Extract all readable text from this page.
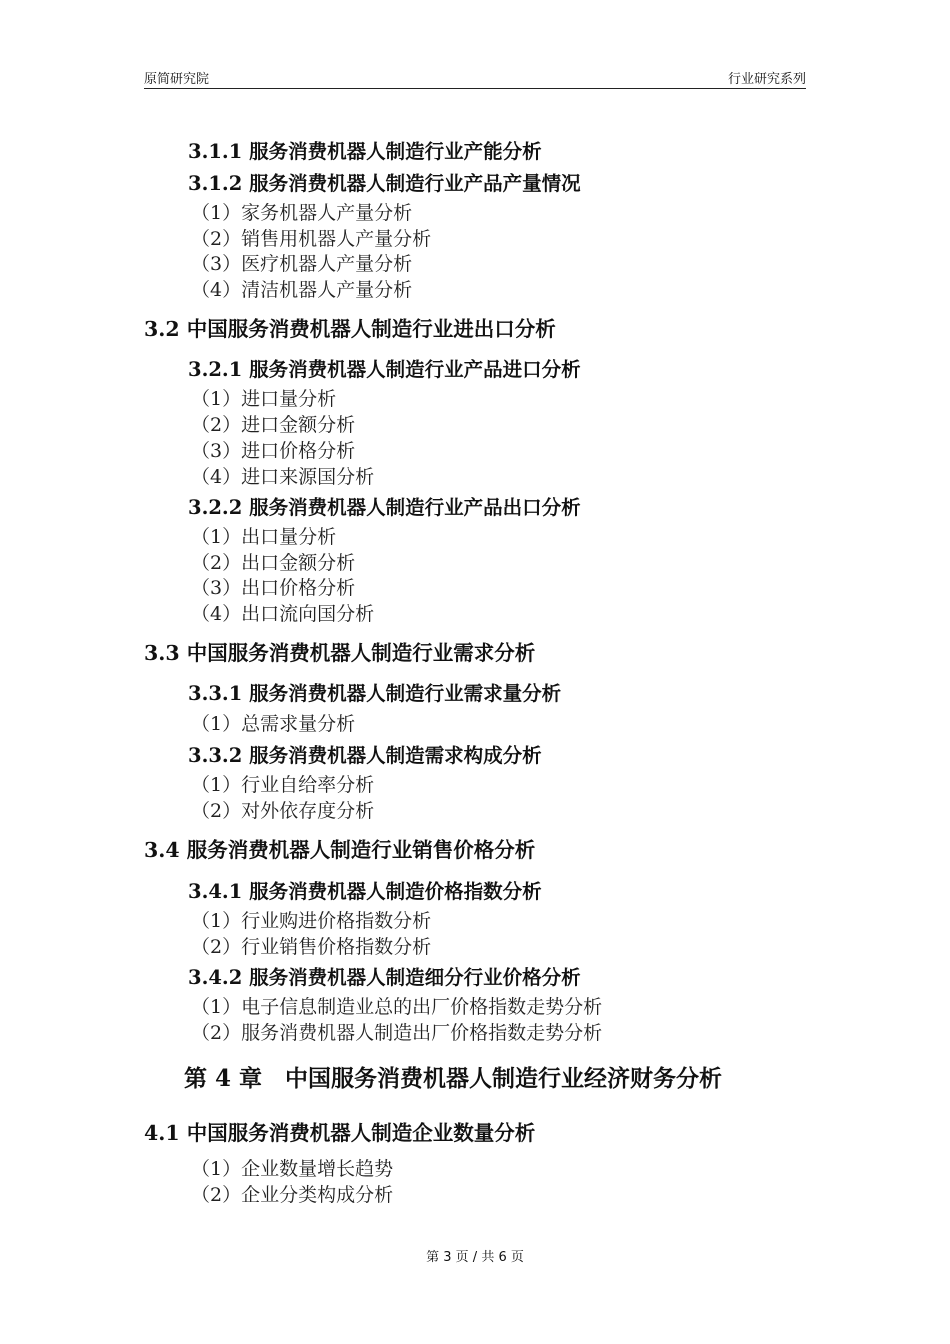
原简研究院	行业研究系列
3.1.1 服务消费机器人制造行业产能分析
3.1.2 服务消费机器人制造行业产品产量情况
（1）家务机器人产量分析
（2）销售用机器人产量分析
（3）医疗机器人产量分析
（4）清洁机器人产量分析
3.2 中国服务消费机器人制造行业进出口分析
3.2.1 服务消费机器人制造行业产品进口分析
（1）进口量分析
（2）进口金额分析
（3）进口价格分析
（4）进口来源国分析
3.2.2 服务消费机器人制造行业产品出口分析
（1）出口量分析
（2）出口金额分析
（3）出口价格分析
（4）出口流向国分析
3.3 中国服务消费机器人制造行业需求分析
3.3.1 服务消费机器人制造行业需求量分析
（1）总需求量分析
3.3.2 服务消费机器人制造需求构成分析
（1）行业自给率分析
（2）对外依存度分析
3.4 服务消费机器人制造行业销售价格分析
3.4.1 服务消费机器人制造价格指数分析
（1）行业购进价格指数分析
（2）行业销售价格指数分析
3.4.2 服务消费机器人制造细分行业价格分析
（1）电子信息制造业总的出厂价格指数走势分析
（2）服务消费机器人制造出厂价格指数走势分析
第 4 章　中国服务消费机器人制造行业经济财务分析
4.1 中国服务消费机器人制造企业数量分析
（1）企业数量增长趋势
（2）企业分类构成分析
第 3 页 / 共 6 页
